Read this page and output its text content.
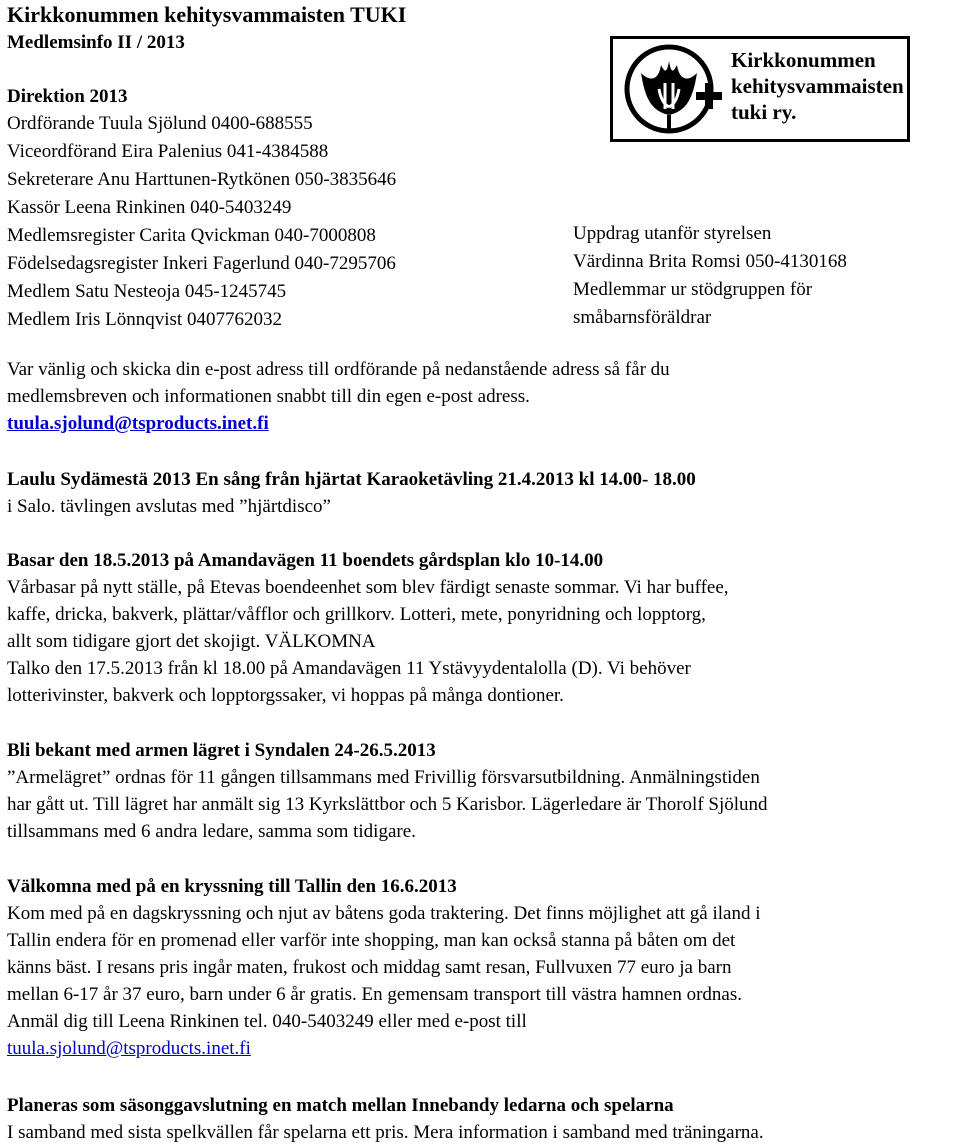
Kirkkonummen kehitysvammaisten TUKI
Medlemsinfo II / 2013
Direktion 2013
Ordförande Tuula Sjölund 0400-688555
Viceordförand Eira Palenius 041-4384588
Sekreterare Anu Harttunen-Rytkönen 050-3835646
Kassör Leena Rinkinen 040-5403249
Medlemsregister Carita Qvickman 040-7000808
Födelsedagsregister Inkeri Fagerlund 040-7295706
Medlem Satu Nesteoja 045-1245745
Medlem Iris Lönnqvist 0407762032
Kirkkonummen
kehitysvammaisten
tuki ry.
Uppdrag utanför styrelsen
Värdinna Brita Romsi 050-4130168
Medlemmar ur stödgruppen för
småbarnsföräldrar

Var vänlig och skicka din e-post adress till ordförande på nedanstående adress så får du

medlemsbreven och informationen snabbt till din egen e-post adress.

tuula.sjolund@tsproducts.inet.fi

Laulu Sydämestä 2013 En sång från hjärtat Karaoketävling 21.4.2013 kl 14.00- 18.00

i Salo. tävlingen avslutas med ”hjärtdisco”

Basar den 18.5.2013 på Amandavägen 11 boendets gårdsplan klo 10-14.00

Vårbasar på nytt ställe, på Etevas boendeenhet som blev färdigt senaste sommar. Vi har buffee,

kaffe, dricka, bakverk, plättar/våfflor och grillkorv. Lotteri, mete, ponyridning och lopptorg,

allt som tidigare gjort det skojigt. VÄLKOMNA

Talko den 17.5.2013 från kl 18.00 på Amandavägen 11 Ystävyydentalolla (D). Vi behöver

lotterivinster, bakverk och lopptorgssaker, vi hoppas på många dontioner.

Bli bekant med armen lägret i Syndalen 24-26.5.2013

”Armelägret” ordnas för 11 gången tillsammans med Frivillig försvarsutbildning. Anmälningstiden

har gått ut. Till lägret har anmält sig 13 Kyrkslättbor och 5 Karisbor. Lägerledare är Thorolf Sjölund

tillsammans med 6 andra ledare, samma som tidigare.

Välkomna med på en kryssning till Tallin den 16.6.2013

Kom med på en dagskryssning och njut av båtens goda traktering. Det finns möjlighet att gå iland i

Tallin endera för en promenad eller varför inte shopping, man kan också stanna på båten om det

känns bäst. I resans pris ingår maten, frukost och middag samt resan, Fullvuxen 77 euro ja barn

mellan 6-17 år 37 euro, barn under 6 år gratis. En gemensam transport till västra hamnen ordnas.

Anmäl dig till Leena Rinkinen tel. 040-5403249 eller med e-post till

tuula.sjolund@tsproducts.inet.fi

Planeras som säsonggavslutning en match mellan Innebandy ledarna och spelarna

I samband med sista spelkvällen får spelarna ett pris. Mera information i samband med träningarna.
